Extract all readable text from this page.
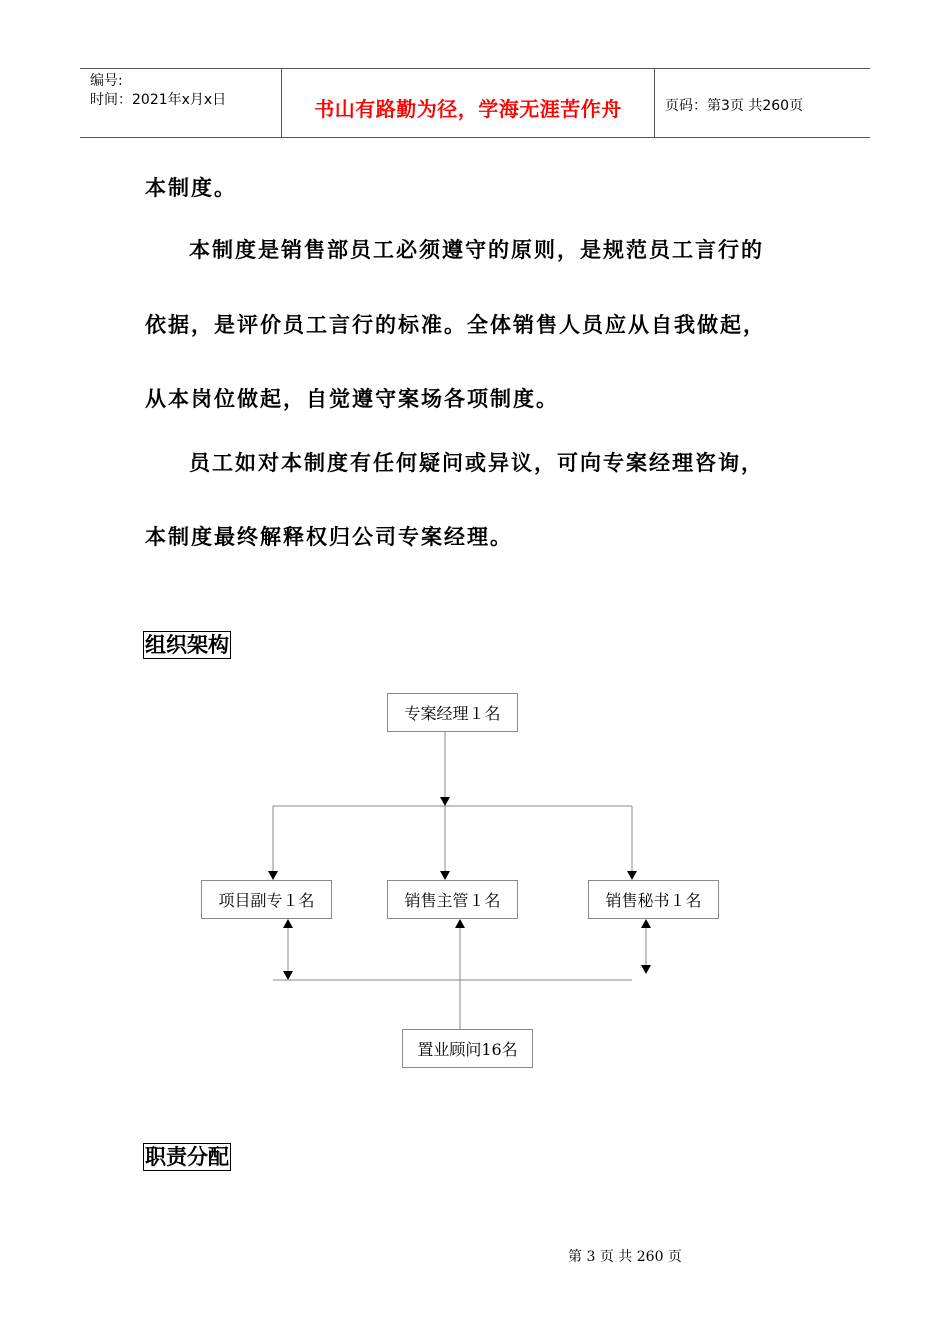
编号:
时间：2021年x月x日	书山有路勤为径，学海无涯苦作舟	页码：第3页 共260页
本制度。
本制度是销售部员工必须遵守的原则，是规范员工言行的
依据，是评价员工言行的标准。全体销售人员应从自我做起，
从本岗位做起，自觉遵守案场各项制度。
员工如对本制度有任何疑问或异议，可向专案经理咨询，
本制度最终解释权归公司专案经理。
组织架构
专案经理１名
项目副专１名	销售主管１名	销售秘书１名
置业顾问16名
职责分配
第 3 页 共 260 页
